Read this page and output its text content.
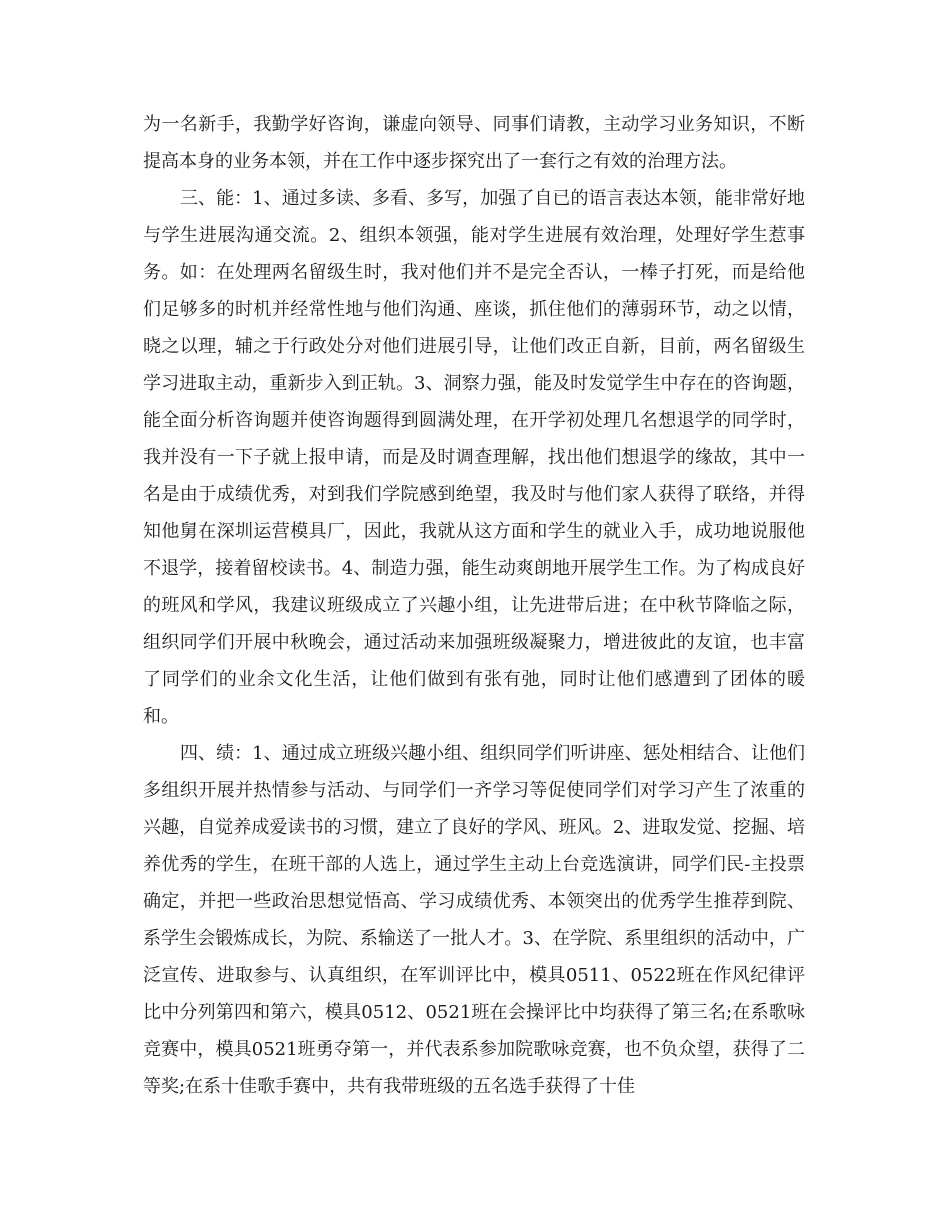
为一名新手，我勤学好咨询，谦虚向领导、同事们请教，主动学习业务知识，不断提高本身的业务本领，并在工作中逐步探究出了一套行之有效的治理方法。

三、能：1、通过多读、多看、多写，加强了自已的语言表达本领，能非常好地与学生进展沟通交流。2、组织本领强，能对学生进展有效治理，处理好学生惹事务。如：在处理两名留级生时，我对他们并不是完全否认，一棒子打死，而是给他们足够多的时机并经常性地与他们沟通、座谈，抓住他们的薄弱环节，动之以情，晓之以理，辅之于行政处分对他们进展引导，让他们改正自新，目前，两名留级生学习进取主动，重新步入到正轨。3、洞察力强，能及时发觉学生中存在的咨询题，能全面分析咨询题并使咨询题得到圆满处理，在开学初处理几名想退学的同学时，我并没有一下子就上报申请，而是及时调查理解，找出他们想退学的缘故，其中一名是由于成绩优秀，对到我们学院感到绝望，我及时与他们家人获得了联络，并得知他舅在深圳运营模具厂，因此，我就从这方面和学生的就业入手，成功地说服他不退学，接着留校读书。4、制造力强，能生动爽朗地开展学生工作。为了构成良好的班风和学风，我建议班级成立了兴趣小组，让先进带后进；在中秋节降临之际，组织同学们开展中秋晚会，通过活动来加强班级凝聚力，增进彼此的友谊，也丰富了同学们的业余文化生活，让他们做到有张有弛，同时让他们感遭到了团体的暖和。

四、绩：1、通过成立班级兴趣小组、组织同学们听讲座、惩处相结合、让他们多组织开展并热情参与活动、与同学们一齐学习等促使同学们对学习产生了浓重的兴趣，自觉养成爱读书的习惯，建立了良好的学风、班风。2、进取发觉、挖掘、培养优秀的学生，在班干部的人选上，通过学生主动上台竞选演讲，同学们民-主投票确定，并把一些政治思想觉悟高、学习成绩优秀、本领突出的优秀学生推荐到院、系学生会锻炼成长，为院、系输送了一批人才。3、在学院、系里组织的活动中，广泛宣传、进取参与、认真组织，在军训评比中，模具0511、0522班在作风纪律评比中分列第四和第六，模具0512、0521班在会操评比中均获得了第三名;在系歌咏竞赛中，模具0521班勇夺第一，并代表系参加院歌咏竞赛，也不负众望，获得了二等奖;在系十佳歌手赛中，共有我带班级的五名选手获得了十佳
